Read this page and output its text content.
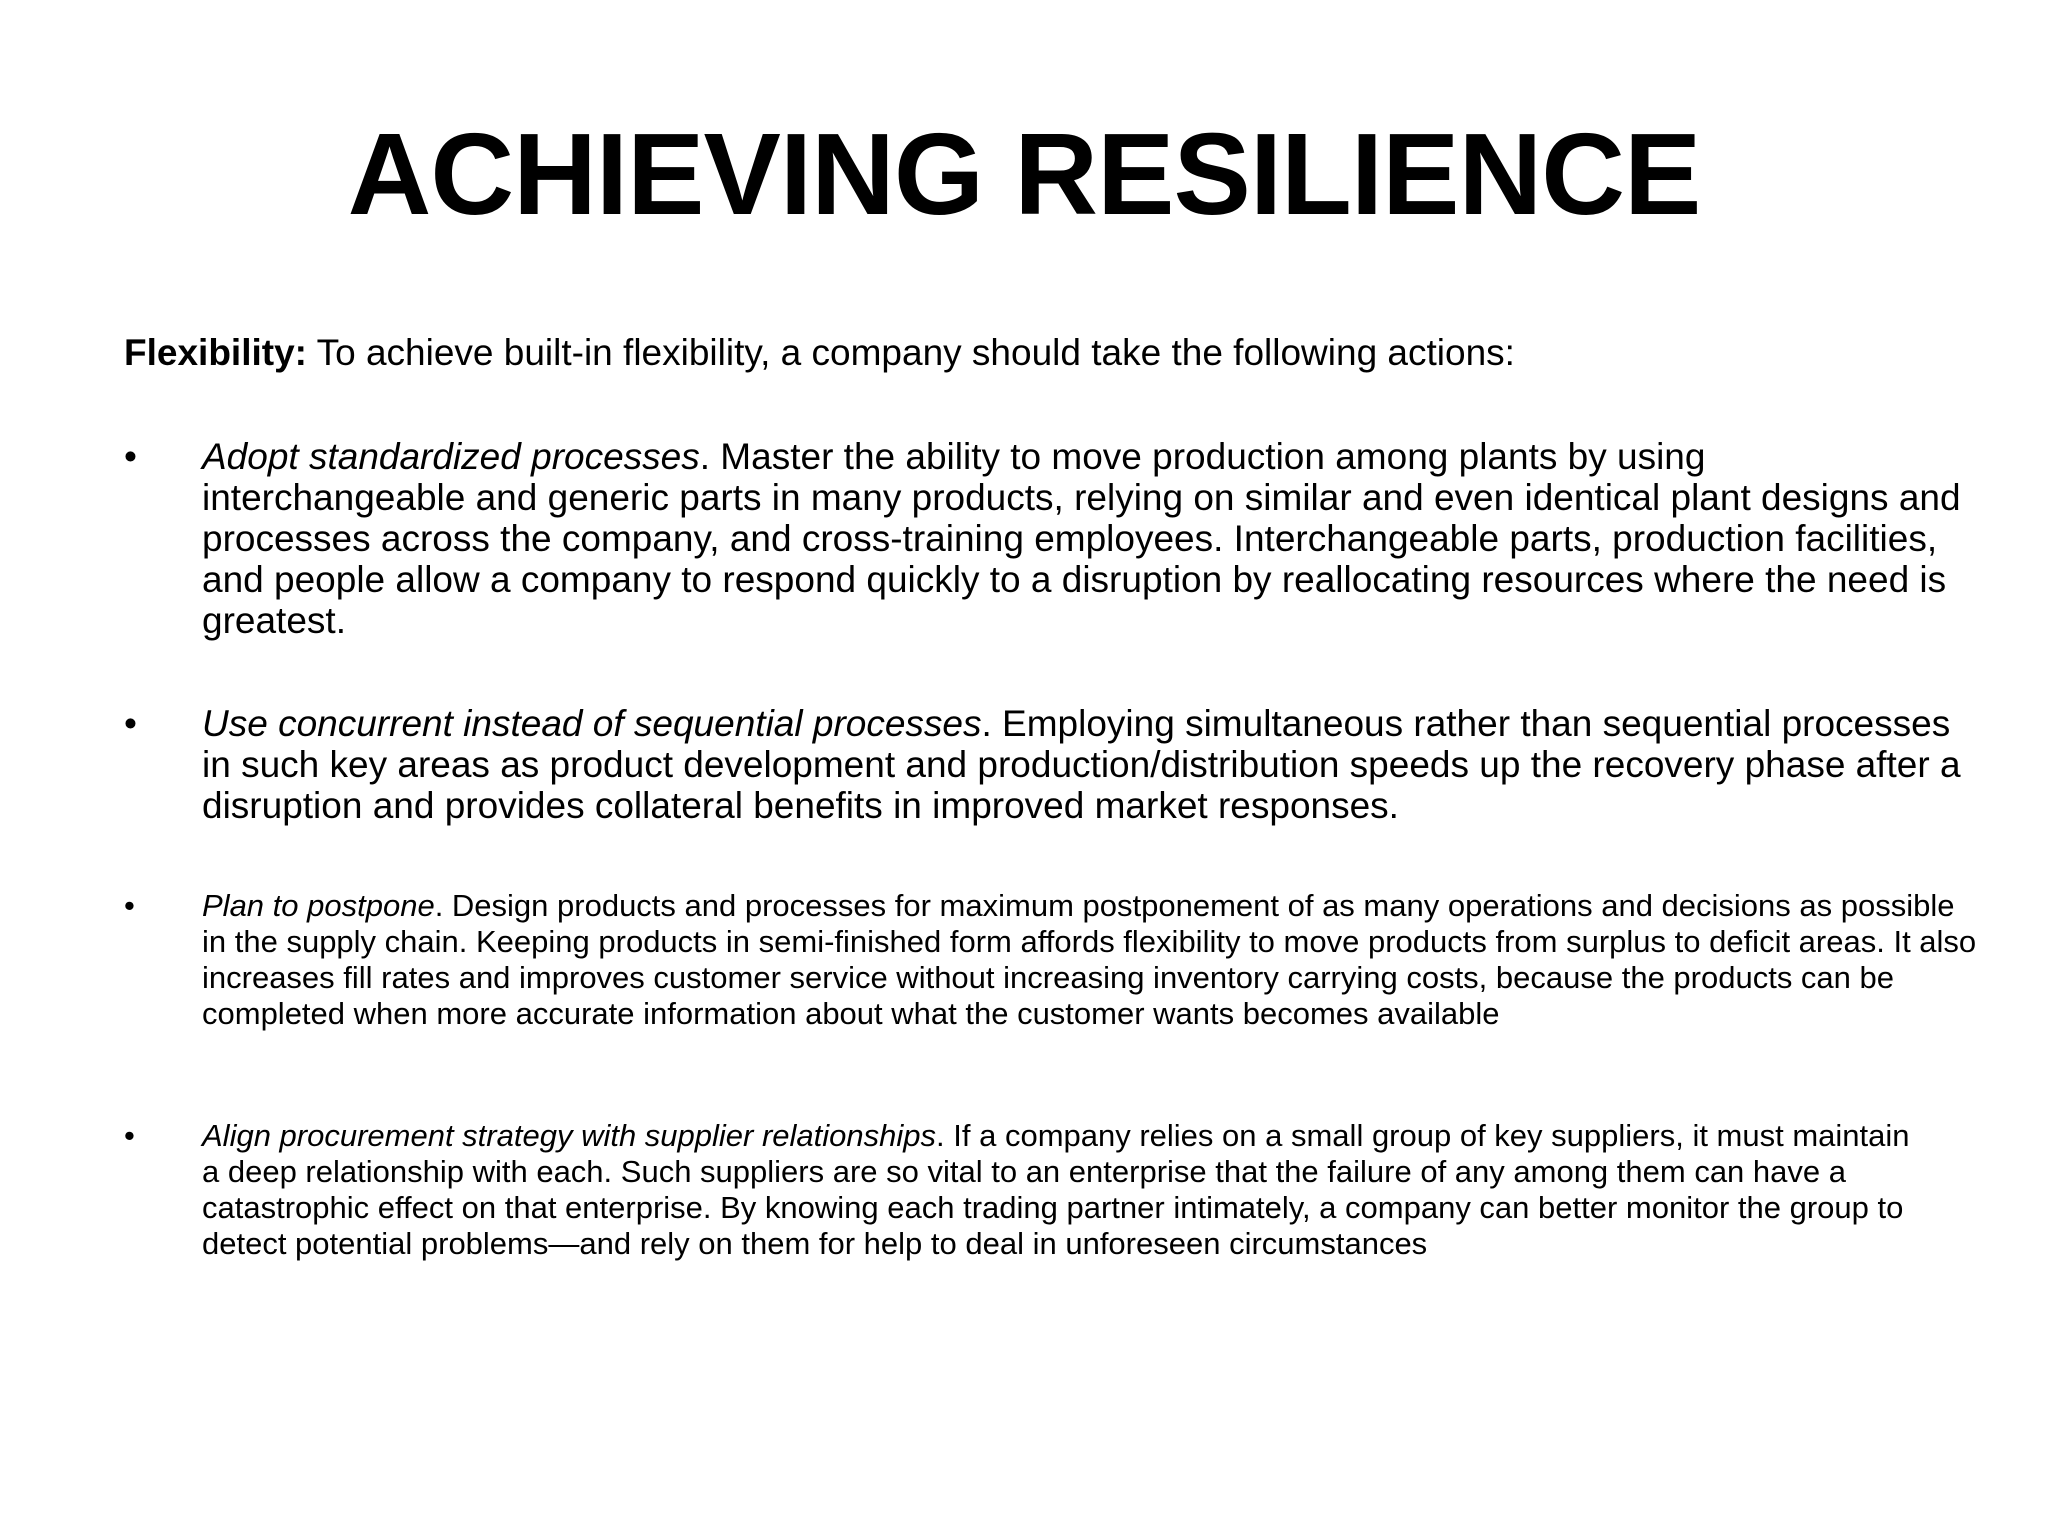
ACHIEVING RESILIENCE

Flexibility: To achieve built-in flexibility, a company should take the following actions:

• Adopt standardized processes. Master the ability to move production among plants by using interchangeable and generic parts in many products, relying on similar and even identical plant designs and processes across the company, and cross-training employees. Interchangeable parts, production facilities, and people allow a company to respond quickly to a disruption by reallocating resources where the need is greatest.
• Use concurrent instead of sequential processes. Employing simultaneous rather than sequential processes in such key areas as product development and production/distribution speeds up the recovery phase after a disruption and provides collateral benefits in improved market responses.
• Plan to postpone. Design products and processes for maximum postponement of as many operations and decisions as possible in the supply chain. Keeping products in semi-finished form affords flexibility to move products from surplus to deficit areas. It also increases fill rates and improves customer service without increasing inventory carrying costs, because the products can be completed when more accurate information about what the customer wants becomes available
• Align procurement strategy with supplier relationships. If a company relies on a small group of key suppliers, it must maintain a deep relationship with each. Such suppliers are so vital to an enterprise that the failure of any among them can have a catastrophic effect on that enterprise. By knowing each trading partner intimately, a company can better monitor the group to detect potential problems—and rely on them for help to deal in unforeseen circumstances
